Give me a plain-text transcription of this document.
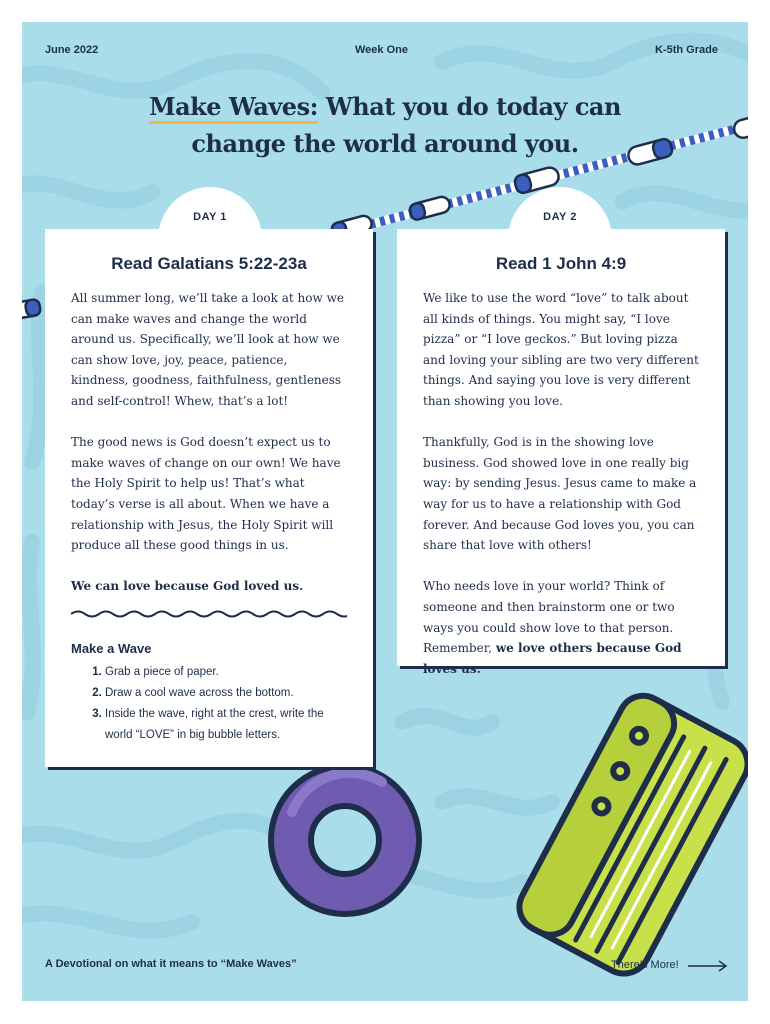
June 2022	Week One	K-5th Grade
Make Waves: What you do today can
change the world around you.
DAY 1	DAY 2
Read Galatians 5:22-23a

All summer long, we’ll take a look at how we can make waves and change the world around us. Specifically, we’ll look at how we can show love, joy, peace, patience, kindness, goodness, faithfulness, gentleness and self-control! Whew, that’s a lot!

The good news is God doesn’t expect us to make waves of change on our own! We have the Holy Spirit to help us! That’s what today’s verse is all about. When we have a relationship with Jesus, the Holy Spirit will produce all these good things in us.

We can love because God loved us.

Make a Wave
1. Grab a piece of paper.
2. Draw a cool wave across the bottom.
3. Inside the wave, right at the crest, write the world “LOVE” in big bubble letters.
Read 1 John 4:9

We like to use the word “love” to talk about all kinds of things. You might say, “I love pizza” or “I love geckos.” But loving pizza and loving your sibling are two very different things. And saying you love is very different than showing you love.

Thankfully, God is in the showing love business. God showed love in one really big way: by sending Jesus. Jesus came to make a way for us to have a relationship with God forever. And because God loves you, you can share that love with others!

Who needs love in your world? Think of someone and then brainstorm one or two ways you could show love to that person. Remember, we love others because God loves us.

A Devotional on what it means to “Make Waves”	There’s More!
